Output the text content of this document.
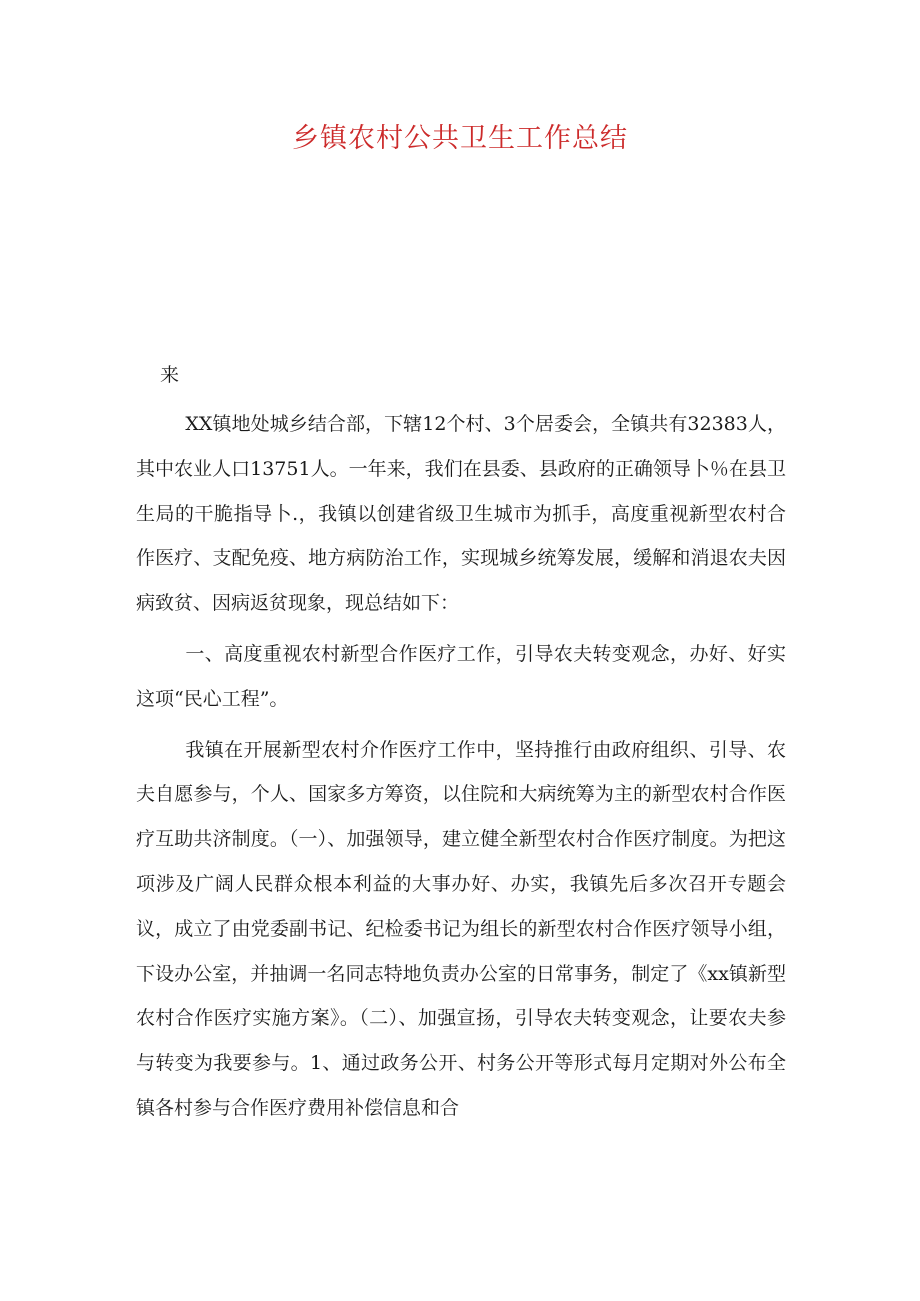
乡镇农村公共卫生工作总结

来

XX镇地处城乡结合部，下辖12个村、3个居委会，全镇共有32383人，其中农业人口13751人。一年来，我们在县委、县政府的正确领导卜％在县卫生局的干脆指导卜.，我镇以创建省级卫生城市为抓手，高度重视新型农村合作医疗、支配免疫、地方病防治工作，实现城乡统筹发展，缓解和消退农夫因病致贫、因病返贫现象，现总结如下：

一、高度重视农村新型合作医疗工作，引导农夫转变观念，办好、好实这项“民心工程”。

我镇在开展新型农村介作医疗工作中，坚持推行由政府组织、引导、农夫自愿参与，个人、国家多方筹资，以住院和大病统筹为主的新型农村合作医疗互助共济制度。（一）、加强领导，建立健全新型农村合作医疗制度。为把这项涉及广阔人民群众根本利益的大事办好、办实，我镇先后多次召开专题会议，成立了由党委副书记、纪检委书记为组长的新型农村合作医疗领导小组，下设办公室，并抽调一名同志特地负责办公室的日常事务，制定了《xx镇新型农村合作医疗实施方案》。（二）、加强宣扬，引导农夫转变观念，让要农夫参与转变为我要参与。1、通过政务公开、村务公开等形式每月定期对外公布全镇各村参与合作医疗费用补偿信息和合
